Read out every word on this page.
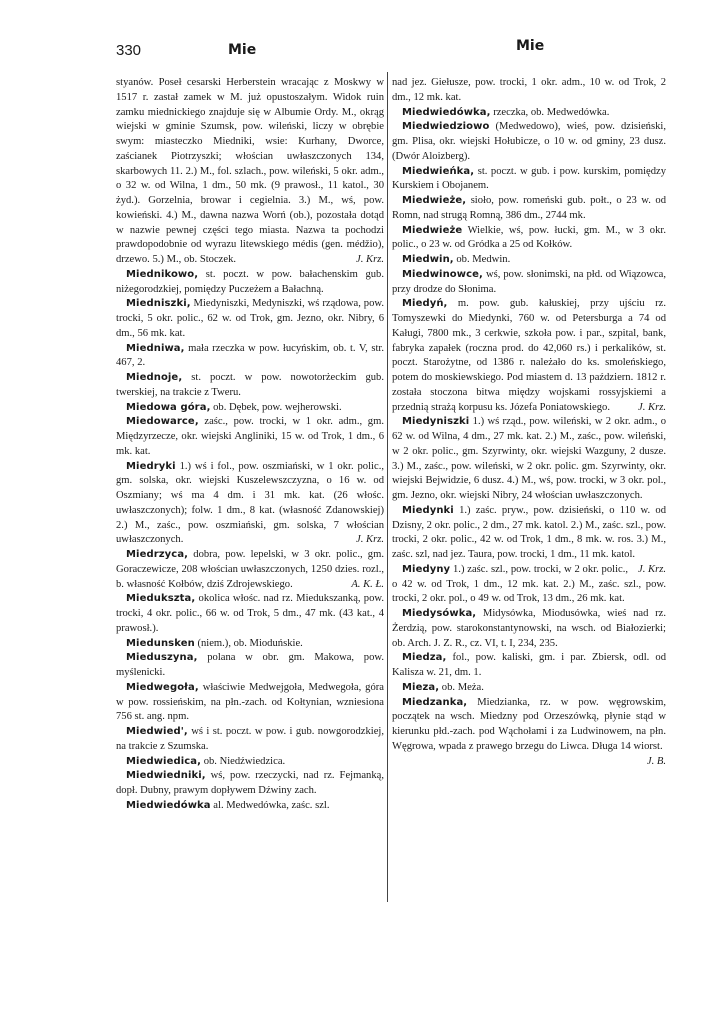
330	Mie	Mie

styanów. Poseł cesarski Herberstein wracając z Moskwy w 1517 r. zastał zamek w M. już opustoszałym. Widok ruin zamku miednickiego znajduje się w Albumie Ordy. M., okrąg wiejski w gminie Szumsk, pow. wileński, liczy w obrębie swym: miasteczko Miedniki, wsie: Kurhany, Dworce, zaścianek Piotrzyszki; włościan uwłaszczonych 134, skarbowych 11. 2.) M., fol. szlach., pow. wileński, 5 okr. adm., o 32 w. od Wilna, 1 dm., 50 mk. (9 prawosł., 11 katol., 30 żyd.). Gorzelnia, browar i cegielnia. 3.) M., wś, pow. kowieński. 4.) M., dawna nazwa Worń (ob.), pozostała dotąd w nazwie pewnej części tego miasta. Nazwa ta pochodzi prawdopodobnie od wyrazu litewskiego médis (gen. médžio), drzewo. 5.) M., ob. Stoczek.	J. Krz.

Miednikowo, st. poczt. w pow. bałachenskim gub. niżegorodzkiej, pomiędzy Puczeżem a Bałachną.

Miedniszki, Miedyniszki, Medyniszki, wś rządowa, pow. trocki, 5 okr. polic., 62 w. od Trok, gm. Jezno, okr. Nibry, 6 dm., 56 mk. kat.

Miedniwa, mała rzeczka w pow. łucyńskim, ob. t. V, str. 467, 2.

Miednoje, st. poczt. w pow. nowotorżeckim gub. twerskiej, na trakcie z Tweru.

Miedowa góra, ob. Dębek, pow. wejherowski.

Miedowarce, zaśc., pow. trocki, w 1 okr. adm., gm. Międzyrzecze, okr. wiejski Angliniki, 15 w. od Trok, 1 dm., 6 mk. kat.

Miedryki 1.) wś i fol., pow. oszmiański, w 1 okr. polic., gm. solska, okr. wiejski Kuszelewszczyzna, o 16 w. od Oszmiany; wś ma 4 dm. i 31 mk. kat. (26 włośc. uwłaszczonych); folw. 1 dm., 8 kat. (własność Zdanowskiej) 2.) M., zaśc., pow. oszmiański, gm. solska, 7 włościan uwłaszczonych.	J. Krz.

Miedrzyca, dobra, pow. lepelski, w 3 okr. polic., gm. Goraczewicze, 208 włościan uwłaszczonych, 1250 dzies. rozl., b. własność Kołbów, dziś Zdrojewskiego.	A. K. Ł.

Miedukszta, okolica włośc. nad rz. Miedukszanką, pow. trocki, 4 okr. polic., 66 w. od Trok, 5 dm., 47 mk. (43 kat., 4 prawosł.).

Miedunsken (niem.), ob. Mioduńskie.

Mieduszyna, polana w obr. gm. Makowa, pow. myślenicki.

Miedwegoła, właściwie Medwejgoła, Medwegoła, góra w pow. rossieńskim, na płn.-zach. od Kołtynian, wzniesiona 756 st. ang. npm.

Miedwied', wś i st. poczt. w pow. i gub. nowgorodzkiej, na trakcie z Szumska.

Miedwiedica, ob. Niedźwiedzica.

Miedwiedniki, wś, pow. rzeczycki, nad rz. Fejmanką, dopł. Dubny, prawym dopływem Dźwiny zach.

Miedwiedówka al. Medwedówka, zaśc. szl.

nad jez. Giełusze, pow. trocki, 1 okr. adm., 10 w. od Trok, 2 dm., 12 mk. kat.

Miedwiedówka, rzeczka, ob. Medwedówka.

Miedwiedziowo (Medwedowo), wieś, pow. dzisieński, gm. Plisa, okr. wiejski Hołubicze, o 10 w. od gminy, 23 dusz. (Dwór Aloizberg).

Miedwieńka, st. poczt. w gub. i pow. kurskim, pomiędzy Kurskiem i Obojanem.

Miedwieże, sioło, pow. romeński gub. połt., o 23 w. od Romn, nad strugą Romną, 386 dm., 2744 mk.

Miedwieże Wielkie, wś, pow. łucki, gm. M., w 3 okr. polic., o 23 w. od Gródka a 25 od Kołków.

Miedwin, ob. Medwin.

Miedwinowce, wś, pow. słonimski, na płd. od Wiązowca, przy drodze do Słonima.

Miedyń, m. pow. gub. kałuskiej, przy ujściu rz. Tomyszewki do Miedynki, 760 w. od Petersburga a 74 od Kaługi, 7800 mk., 3 cerkwie, szkoła pow. i par., szpital, bank, fabryka zapałek (roczna prod. do 42,060 rs.) i perkalików, st. poczt. Starożytne, od 1386 r. należało do ks. smoleńskiego, potem do moskiewskiego. Pod miastem d. 13 październ. 1812 r. została stoczona bitwa między wojskami rossyjskiemi a przednią strażą korpusu ks. Józefa Poniatowskiego.	J. Krz.

Miedyniszki 1.) wś rząd., pow. wileński, w 2 okr. adm., o 62 w. od Wilna, 4 dm., 27 mk. kat. 2.) M., zaśc., pow. wileński, w 2 okr. polic., gm. Szyrwinty, okr. wiejski Wazguny, 2 dusze. 3.) M., zaśc., pow. wileński, w 2 okr. polic. gm. Szyrwinty, okr. wiejski Bejwidzie, 6 dusz. 4.) M., wś, pow. trocki, w 3 okr. pol., gm. Jezno, okr. wiejski Nibry, 24 włościan uwłaszczonych.

Miedynki 1.) zaśc. pryw., pow. dzisieński, o 110 w. od Dzisny, 2 okr. polic., 2 dm., 27 mk. katol. 2.) M., zaśc. szl., pow. trocki, 2 okr. polic., 42 w. od Trok, 1 dm., 8 mk. w. ros. 3.) M., zaśc. szl, nad jez. Taura, pow. trocki, 1 dm., 11 mk. katol.
J. Krz.

Miedyny 1.) zaśc. szl., pow. trocki, w 2 okr. polic., o 42 w. od Trok, 1 dm., 12 mk. kat. 2.) M., zaśc. szl., pow. trocki, 2 okr. pol., o 49 w. od Trok, 13 dm., 26 mk. kat.

Miedysówka, Midysówka, Miodusówka, wieś nad rz. Żerdzią, pow. starokonstantynowski, na wsch. od Białozierki; ob. Arch. J. Z. R., cz. VI, t. I, 234, 235.

Miedza, fol., pow. kaliski, gm. i par. Zbiersk, odl. od Kalisza w. 21, dm. 1.

Mieza, ob. Meża.

Miedzanka, Miedzianka, rz. w pow. węgrowskim, początek na wsch. Miedzny pod Orzeszówką, płynie stąd w kierunku płd.-zach. pod Wąchołami i za Ludwinowem, na płn. Węgrowa, wpada z prawego brzegu do Liwca. Długa 14 wiorst.
J. B.
